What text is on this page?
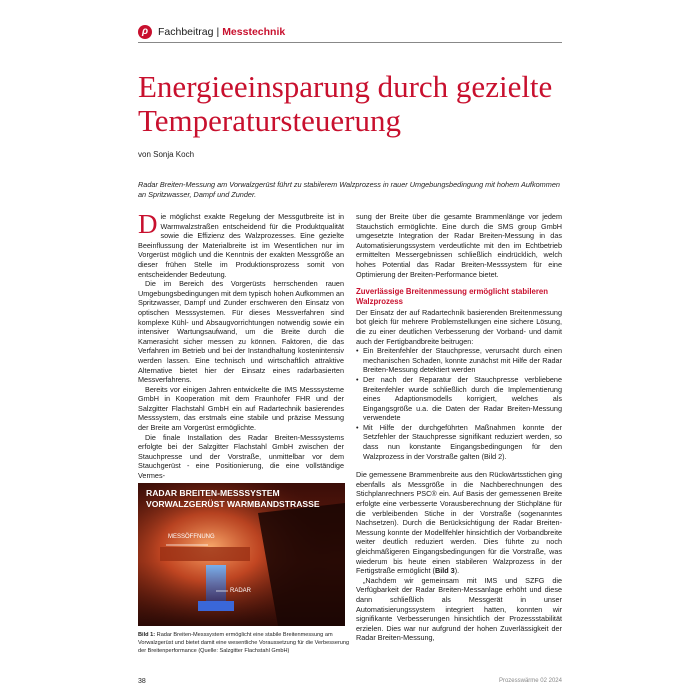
ρ Fachbeitrag | Messtechnik
Energieeinsparung durch gezielte Temperatursteuerung
von Sonja Koch

Radar Breiten-Messung am Vorwalzgerüst führt zu stabilerem Walzprozess in rauer Umgebungsbedingung mit hohem Aufkommen an Spritzwasser, Dampf und Zunder.

Die möglichst exakte Regelung der Messgutbreite ist in Warmwalzstraßen entscheidend für die Produktqualität sowie die Effizienz des Walzprozesses. Eine gezielte Beeinflussung der Materialbreite ist im Wesentlichen nur im Vorgerüst möglich und die Kenntnis der exakten Messgröße an dieser frühen Stelle im Produktionsprozess somit von entscheidender Bedeutung.

Die im Bereich des Vorgerüsts herrschenden rauen Umgebungsbedingungen mit dem typisch hohen Aufkommen an Spritzwasser, Dampf und Zunder erschweren den Einsatz von optischen Messsystemen. Für dieses Messverfahren sind komplexe Kühl- und Absaugvorrichtungen notwendig sowie ein intensiver Wartungsaufwand, um die Breite durch die Kamerasicht sicher messen zu können. Faktoren, die das Verfahren im Betrieb und bei der Instandhaltung kostenintensiv werden lassen. Eine technisch und wirtschaftlich attraktive Alternative bietet hier der Einsatz eines radarbasierten Messverfahrens.

Bereits vor einigen Jahren entwickelte die IMS Messsysteme GmbH in Kooperation mit dem Fraunhofer FHR und der Salzgitter Flachstahl GmbH ein auf Radartechnik basierendes Messsystem, das erstmals eine stabile und präzise Messung der Breite am Vorgerüst ermöglichte.

Die finale Installation des Radar Breiten-Messsystems erfolgte bei der Salzgitter Flachstahl GmbH zwischen der Stauchpresse und der Vorstraße, unmittelbar vor dem Stauchgerüst - eine Positionierung, die eine vollständige Vermes-

RADAR BREITEN-MESSSYSTEM
VORWALZGERÜST WARMBANDSTRASSE
MESSÖFFNUNG
RADAR

Bild 1: Radar Breiten-Messsystem ermöglicht eine stabile Breitenmessung am Vorwalzgerüst und bietet damit eine wesentliche Voraussetzung für die Verbesserung der Breitenperformance (Quelle: Salzgitter Flachstahl GmbH)

sung der Breite über die gesamte Brammenlänge vor jedem Stauchstich ermöglichte. Eine durch die SMS group GmbH umgesetzte Integration der Radar Breiten-Messung in das Automatisierungssystem verdeutlichte mit den im Echtbetrieb ermittelten Messergebnissen schließlich eindrücklich, welch hohes Potential das Radar Breiten-Messsystem für eine Optimierung der Breiten-Performance bietet.

Zuverlässige Breitenmessung ermöglicht stabileren Walzprozess

Der Einsatz der auf Radartechnik basierenden Breitenmessung bot gleich für mehrere Problemstellungen eine sichere Lösung, die zu einer deutlichen Verbesserung der Vorband- und damit auch der Fertigbandbreite beitrugen:

• Ein Breitenfehler der Stauchpresse, verursacht durch einen mechanischen Schaden, konnte zunächst mit Hilfe der Radar Breiten-Messung detektiert werden
• Der nach der Reparatur der Stauchpresse verbliebene Breitenfehler wurde schließlich durch die Implementierung eines Adaptionsmodells korrigiert, welches als Eingangsgröße u.a. die Daten der Radar Breiten-Messung verwendete
• Mit Hilfe der durchgeführten Maßnahmen konnte der Setzfehler der Stauchpresse signifikant reduziert werden, so dass nun konstante Eingangsbedingungen für den Walzprozess in der Vorstraße galten (Bild 2).

Die gemessene Brammenbreite aus den Rückwärtsstichen ging ebenfalls als Messgröße in die Nachberechnungen des Stichplanrechners PSC® ein. Auf Basis der gemessenen Breite erfolgte eine verbesserte Vorausberechnung der Stichpläne für die verbleibenden Stiche in der Vorstraße (sogenanntes Nachsetzen). Durch die Berücksichtigung der Radar Breiten-Messung konnte der Modellfehler hinsichtlich der Vorbandbreite weiter deutlich reduziert werden. Dies führte zu noch gleichmäßigeren Eingangsbedingungen für die Vorstraße, was wiederum bis heute einen stabileren Walzprozess in der Fertigstraße ermöglicht (Bild 3).

„Nachdem wir gemeinsam mit IMS und SZFG die Verfügbarkeit der Radar Breiten-Messanlage erhöht und diese dann schließlich als Messgerät in unser Automatisierungssystem integriert hatten, konnten wir signifikante Verbesserungen hinsichtlich der Prozessstabilität erzielen. Dies war nur aufgrund der hohen Zuverlässigkeit der Radar Breiten-Messung,

38	Prozesswärme 02 2024
